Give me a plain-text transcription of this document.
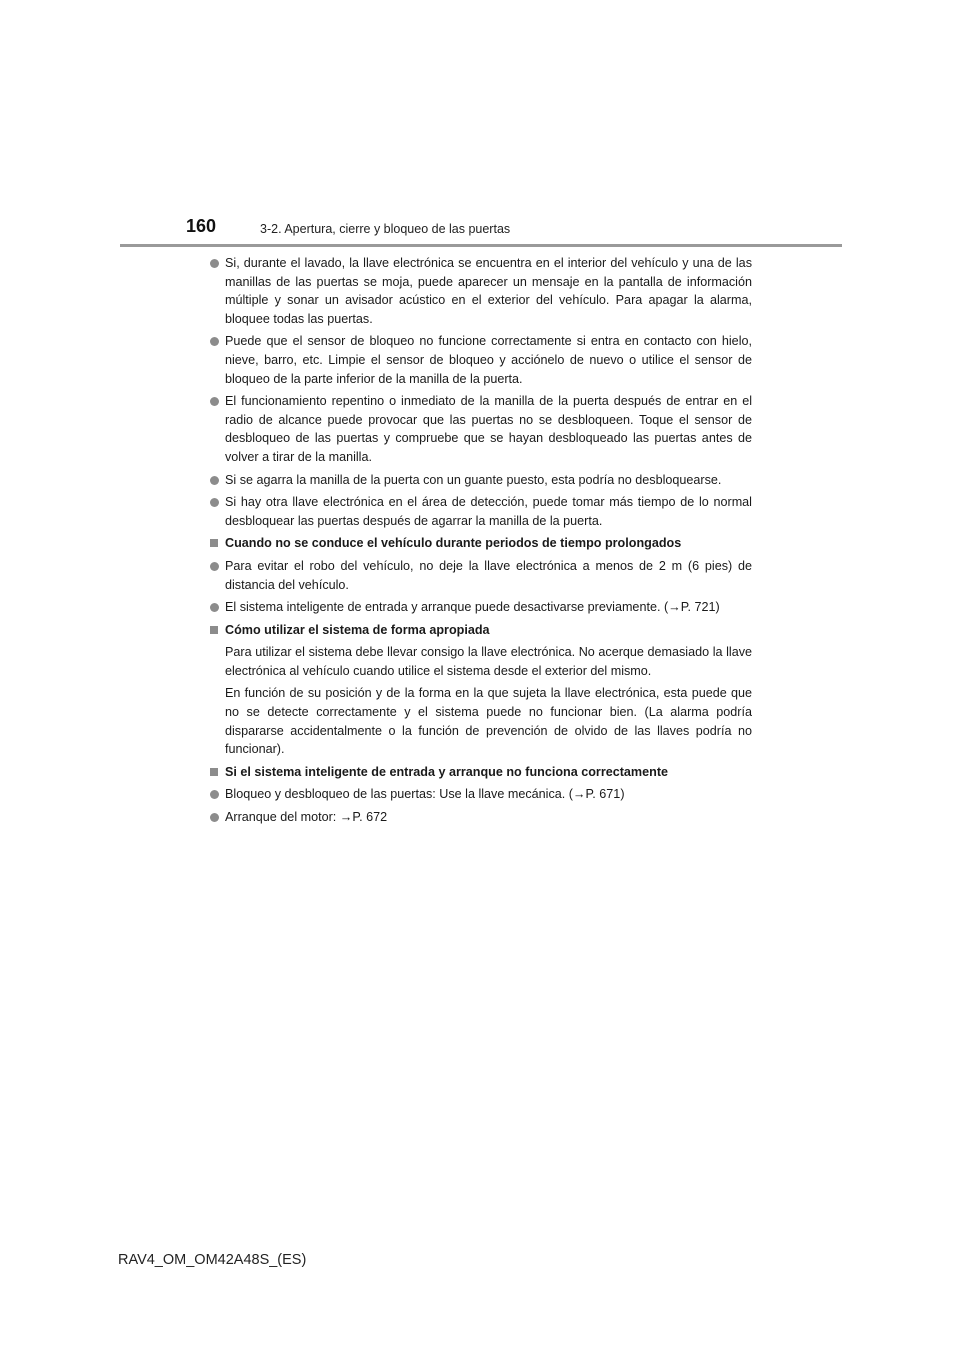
160	3-2. Apertura, cierre y bloqueo de las puertas
Si, durante el lavado, la llave electrónica se encuentra en el interior del vehículo y una de las manillas de las puertas se moja, puede aparecer un mensaje en la pantalla de información múltiple y sonar un avisador acústico en el exterior del vehículo. Para apagar la alarma, bloquee todas las puertas.
Puede que el sensor de bloqueo no funcione correctamente si entra en contacto con hielo, nieve, barro, etc. Limpie el sensor de bloqueo y acciónelo de nuevo o utilice el sensor de bloqueo de la parte inferior de la manilla de la puerta.
El funcionamiento repentino o inmediato de la manilla de la puerta después de entrar en el radio de alcance puede provocar que las puertas no se desbloqueen. Toque el sensor de desbloqueo de las puertas y compruebe que se hayan desbloqueado las puertas antes de volver a tirar de la manilla.
Si se agarra la manilla de la puerta con un guante puesto, esta podría no desbloquearse.
Si hay otra llave electrónica en el área de detección, puede tomar más tiempo de lo normal desbloquear las puertas después de agarrar la manilla de la puerta.
Cuando no se conduce el vehículo durante periodos de tiempo prolongados
Para evitar el robo del vehículo, no deje la llave electrónica a menos de 2 m (6 pies) de distancia del vehículo.
El sistema inteligente de entrada y arranque puede desactivarse previamente. (→P. 721)
Cómo utilizar el sistema de forma apropiada
Para utilizar el sistema debe llevar consigo la llave electrónica. No acerque demasiado la llave electrónica al vehículo cuando utilice el sistema desde el exterior del mismo.
En función de su posición y de la forma en la que sujeta la llave electrónica, esta puede que no se detecte correctamente y el sistema puede no funcionar bien. (La alarma podría dispararse accidentalmente o la función de prevención de olvido de las llaves podría no funcionar).
Si el sistema inteligente de entrada y arranque no funciona correctamente
Bloqueo y desbloqueo de las puertas: Use la llave mecánica. (→P. 671)
Arranque del motor: →P. 672
RAV4_OM_OM42A48S_(ES)
